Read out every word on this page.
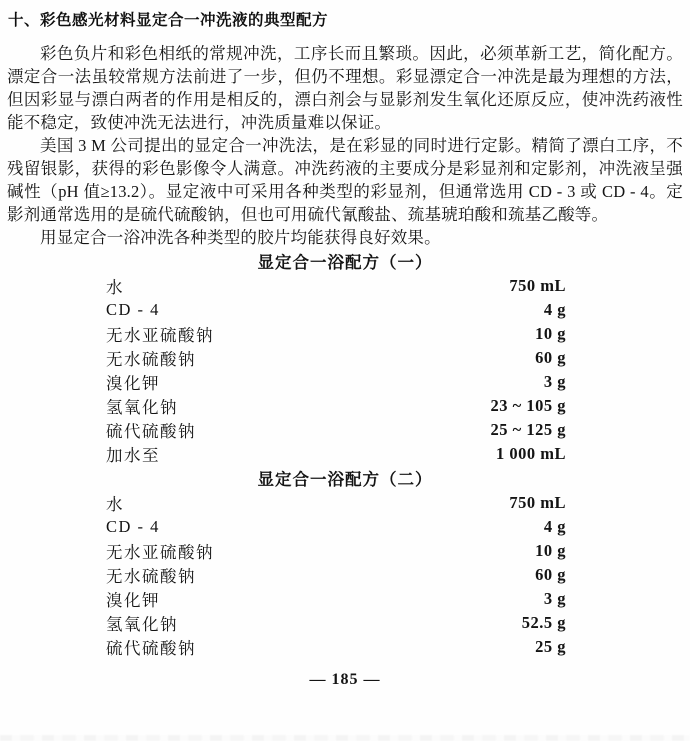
十、彩色感光材料显定合一冲洗液的典型配方

彩色负片和彩色相纸的常规冲洗，工序长而且繁琐。因此，必须革新工艺，简化配方。漂定合一法虽较常规方法前进了一步，但仍不理想。彩显漂定合一冲洗是最为理想的方法，但因彩显与漂白两者的作用是相反的，漂白剂会与显影剂发生氧化还原反应，使冲洗药液性能不稳定，致使冲洗无法进行，冲洗质量难以保证。

美国 3 M 公司提出的显定合一冲洗法，是在彩显的同时进行定影。精简了漂白工序，不残留银影，获得的彩色影像令人满意。冲洗药液的主要成分是彩显剂和定影剂，冲洗液呈强碱性（pH 值≥13.2）。显定液中可采用各种类型的彩显剂，但通常选用 CD - 3 或 CD - 4。定影剂通常选用的是硫代硫酸钠，但也可用硫代氰酸盐、巯基琥珀酸和巯基乙酸等。

用显定合一浴冲洗各种类型的胶片均能获得良好效果。

显定合一浴配方（一）
水	750 mL
CD - 4	4 g
无水亚硫酸钠	10 g
无水硫酸钠	60 g
溴化钾	3 g
氢氧化钠	23 ~ 105 g
硫代硫酸钠	25 ~ 125 g
加水至	1 000 mL
显定合一浴配方（二）
水	750 mL
CD - 4	4 g
无水亚硫酸钠	10 g
无水硫酸钠	60 g
溴化钾	3 g
氢氧化钠	52.5 g
硫代硫酸钠	25 g
— 185 —
